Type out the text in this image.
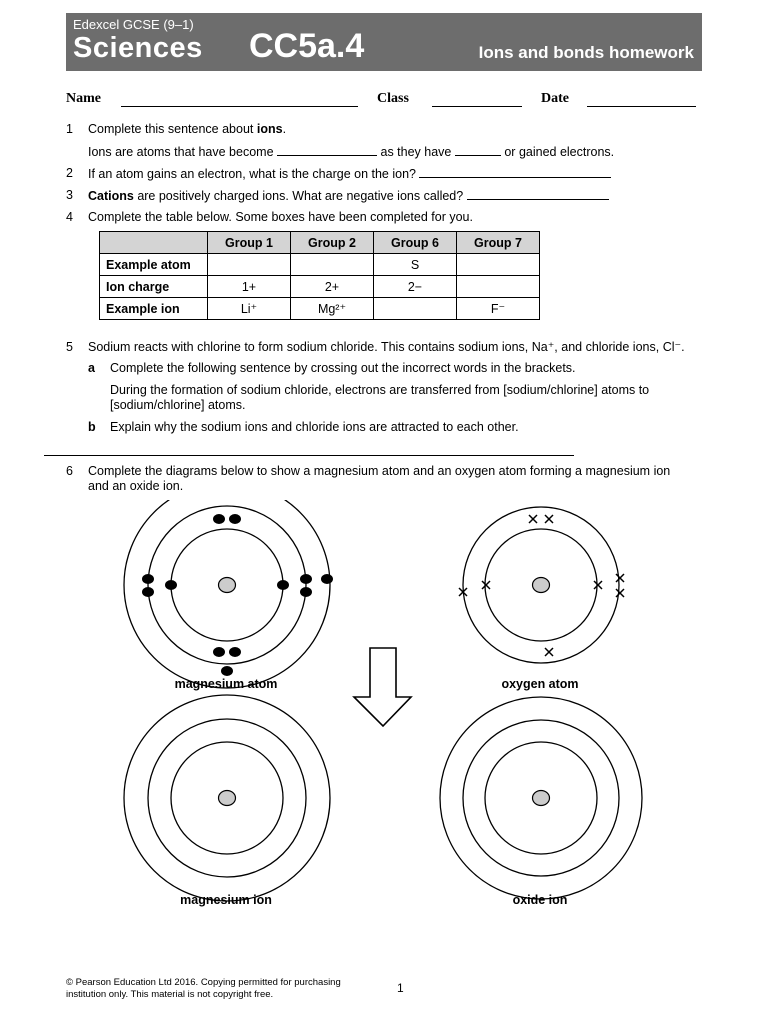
Edexcel GCSE (9–1)
Sciences CC5a.4	Ions and bonds homework
Name	Class	Date
1 Complete this sentence about ions.
Ions are atoms that have become	as they have	or gained electrons.
2 If an atom gains an electron, what is the charge on the ion?
3 Cations are positively charged ions. What are negative ions called?
4 Complete the table below. Some boxes have been completed for you.
	Group 1	Group 2	Group 6	Group 7
Example atom			S	
Ion charge	1+	2+	2−	
Example ion	Li⁺	Mg²⁺		F⁻
5 Sodium reacts with chlorine to form sodium chloride. This contains sodium ions, Na⁺, and chloride ions, Cl⁻.
a Complete the following sentence by crossing out the incorrect words in the brackets.
During the formation of sodium chloride, electrons are transferred from [sodium/chlorine] atoms to [sodium/chlorine] atoms.
b Explain why the sodium ions and chloride ions are attracted to each other.
6 Complete the diagrams below to show a magnesium atom and an oxygen atom forming a magnesium ion and an oxide ion.
magnesium atom	oxygen atom
magnesium ion	oxide ion
© Pearson Education Ltd 2016. Copying permitted for purchasing institution only. This material is not copyright free.	1
